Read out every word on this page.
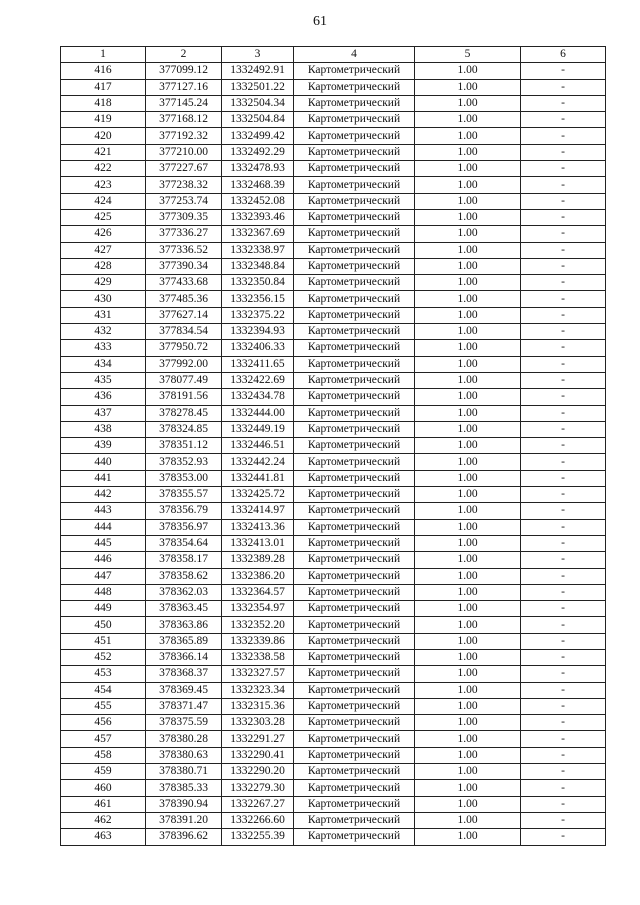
61
1	2	3	4	5	6
416	377099.12	1332492.91	Картометрический	1.00	-
417	377127.16	1332501.22	Картометрический	1.00	-
418	377145.24	1332504.34	Картометрический	1.00	-
419	377168.12	1332504.84	Картометрический	1.00	-
420	377192.32	1332499.42	Картометрический	1.00	-
421	377210.00	1332492.29	Картометрический	1.00	-
422	377227.67	1332478.93	Картометрический	1.00	-
423	377238.32	1332468.39	Картометрический	1.00	-
424	377253.74	1332452.08	Картометрический	1.00	-
425	377309.35	1332393.46	Картометрический	1.00	-
426	377336.27	1332367.69	Картометрический	1.00	-
427	377336.52	1332338.97	Картометрический	1.00	-
428	377390.34	1332348.84	Картометрический	1.00	-
429	377433.68	1332350.84	Картометрический	1.00	-
430	377485.36	1332356.15	Картометрический	1.00	-
431	377627.14	1332375.22	Картометрический	1.00	-
432	377834.54	1332394.93	Картометрический	1.00	-
433	377950.72	1332406.33	Картометрический	1.00	-
434	377992.00	1332411.65	Картометрический	1.00	-
435	378077.49	1332422.69	Картометрический	1.00	-
436	378191.56	1332434.78	Картометрический	1.00	-
437	378278.45	1332444.00	Картометрический	1.00	-
438	378324.85	1332449.19	Картометрический	1.00	-
439	378351.12	1332446.51	Картометрический	1.00	-
440	378352.93	1332442.24	Картометрический	1.00	-
441	378353.00	1332441.81	Картометрический	1.00	-
442	378355.57	1332425.72	Картометрический	1.00	-
443	378356.79	1332414.97	Картометрический	1.00	-
444	378356.97	1332413.36	Картометрический	1.00	-
445	378354.64	1332413.01	Картометрический	1.00	-
446	378358.17	1332389.28	Картометрический	1.00	-
447	378358.62	1332386.20	Картометрический	1.00	-
448	378362.03	1332364.57	Картометрический	1.00	-
449	378363.45	1332354.97	Картометрический	1.00	-
450	378363.86	1332352.20	Картометрический	1.00	-
451	378365.89	1332339.86	Картометрический	1.00	-
452	378366.14	1332338.58	Картометрический	1.00	-
453	378368.37	1332327.57	Картометрический	1.00	-
454	378369.45	1332323.34	Картометрический	1.00	-
455	378371.47	1332315.36	Картометрический	1.00	-
456	378375.59	1332303.28	Картометрический	1.00	-
457	378380.28	1332291.27	Картометрический	1.00	-
458	378380.63	1332290.41	Картометрический	1.00	-
459	378380.71	1332290.20	Картометрический	1.00	-
460	378385.33	1332279.30	Картометрический	1.00	-
461	378390.94	1332267.27	Картометрический	1.00	-
462	378391.20	1332266.60	Картометрический	1.00	-
463	378396.62	1332255.39	Картометрический	1.00	-
